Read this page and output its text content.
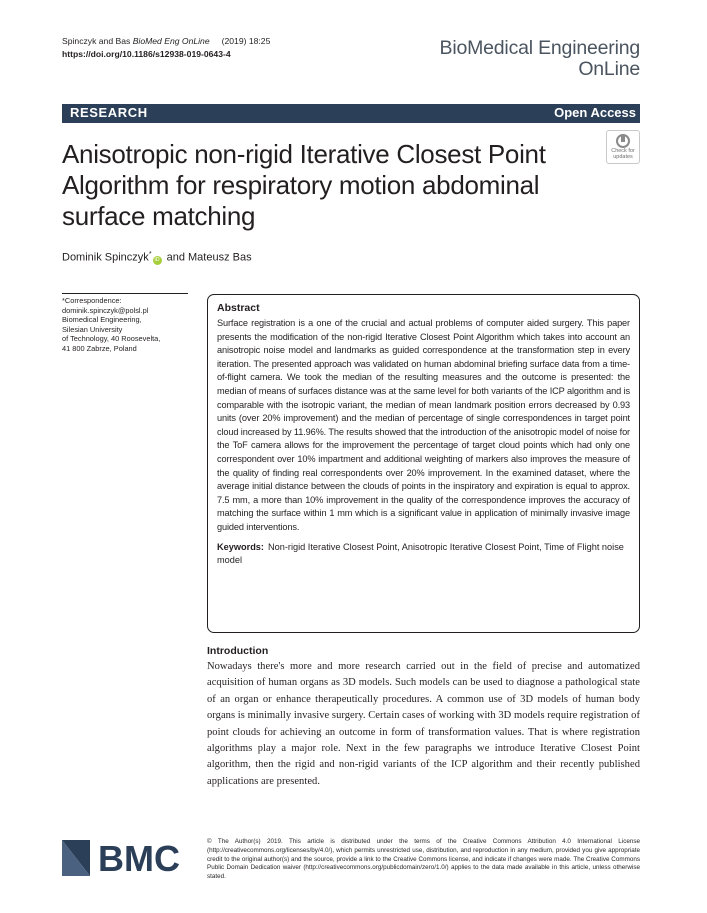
Spinczyk and Bas BioMed Eng OnLine (2019) 18:25
https://doi.org/10.1186/s12938-019-0643-4	BioMedical Engineering
OnLine
RESEARCH	Open Access
Check for
updates
Anisotropic non-rigid Iterative Closest Point Algorithm for respiratory motion abdominal surface matching
Dominik Spinczyk*iD and Mateusz Bas
*Correspondence:
dominik.spinczyk@polsl.pl
Biomedical Engineering,
Silesian University
of Technology, 40 Roosevelta,
41 800 Zabrze, Poland
Abstract

Surface registration is a one of the crucial and actual problems of computer aided surgery. This paper presents the modification of the non-rigid Iterative Closest Point Algorithm which takes into account an anisotropic noise model and landmarks as guided correspondence at the transformation step in every iteration. The presented approach was validated on human abdominal briefing surface data from a time-of-flight camera. We took the median of the resulting measures and the outcome is presented: the median of means of surfaces distance was at the same level for both variants of the ICP algorithm and is comparable with the isotropic variant, the median of mean landmark position errors decreased by 0.93 units (over 20% improvement) and the median of percentage of single correspondences in target point cloud increased by 11.96%. The results showed that the introduction of the anisotropic model of noise for the ToF camera allows for the improvement the percentage of target cloud points which had only one correspondent over 10% impartment and additional weighting of markers also improves the measure of the quality of finding real correspondents over 20% improvement. In the examined dataset, where the average initial distance between the clouds of points in the inspiratory and expiration is equal to approx. 7.5 mm, a more than 10% improvement in the quality of the correspondence improves the accuracy of matching the surface within 1 mm which is a significant value in application of minimally invasive image guided interventions.

Keywords: Non-rigid Iterative Closest Point, Anisotropic Iterative Closest Point, Time of Flight noise model
Introduction
Nowadays there's more and more research carried out in the field of precise and automatized acquisition of human organs as 3D models. Such models can be used to diagnose a pathological state of an organ or enhance therapeutically procedures. A common use of 3D models of human body organs is minimally invasive surgery. Certain cases of working with 3D models require registration of point clouds for achieving an outcome in form of transformation values. That is where registration algorithms play a major role. Next in the few paragraphs we introduce Iterative Closest Point algorithm, then the rigid and non-rigid variants of the ICP algorithm and their recently published applications are presented.
BMC	© The Author(s) 2019. This article is distributed under the terms of the Creative Commons Attribution 4.0 International License (http://creativecommons.org/licenses/by/4.0/), which permits unrestricted use, distribution, and reproduction in any medium, provided you give appropriate credit to the original author(s) and the source, provide a link to the Creative Commons license, and indicate if changes were made. The Creative Commons Public Domain Dedication waiver (http://creativecommons.org/publicdomain/zero/1.0/) applies to the data made available in this article, unless otherwise stated.
